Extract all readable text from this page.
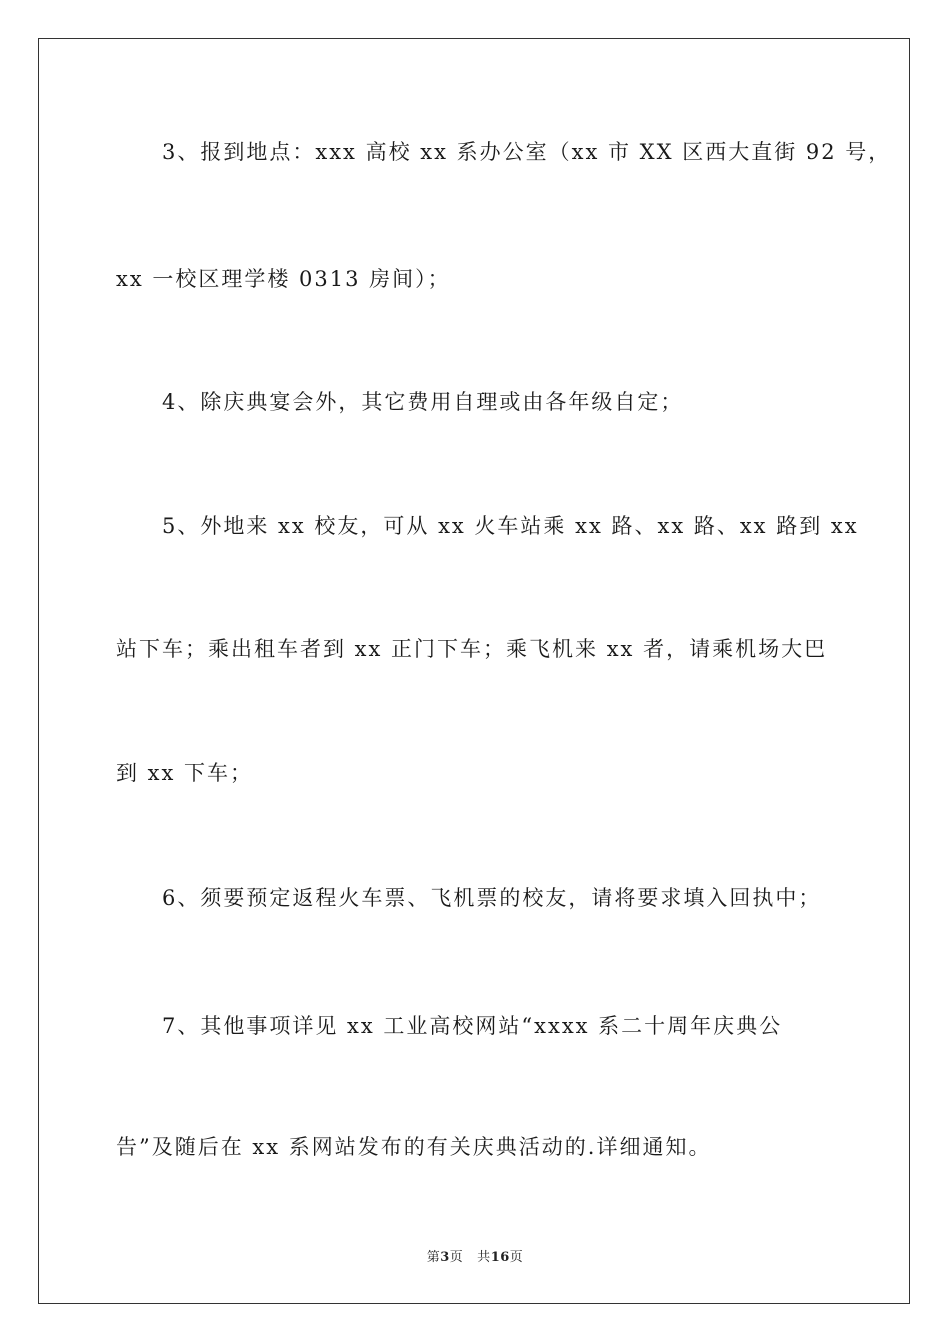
3、报到地点：xxx 高校 xx 系办公室（xx 市 XX 区西大直街 92 号，
xx 一校区理学楼 0313 房间）；
4、除庆典宴会外，其它费用自理或由各年级自定；
5、外地来 xx 校友，可从 xx 火车站乘 xx 路、xx 路、xx 路到 xx
站下车；乘出租车者到 xx 正门下车；乘飞机来 xx 者，请乘机场大巴
到 xx 下车；
6、须要预定返程火车票、飞机票的校友，请将要求填入回执中；
7、其他事项详见 xx 工业高校网站“xxxx 系二十周年庆典公
告”及随后在 xx 系网站发布的有关庆典活动的.详细通知。
第3页 共16页
